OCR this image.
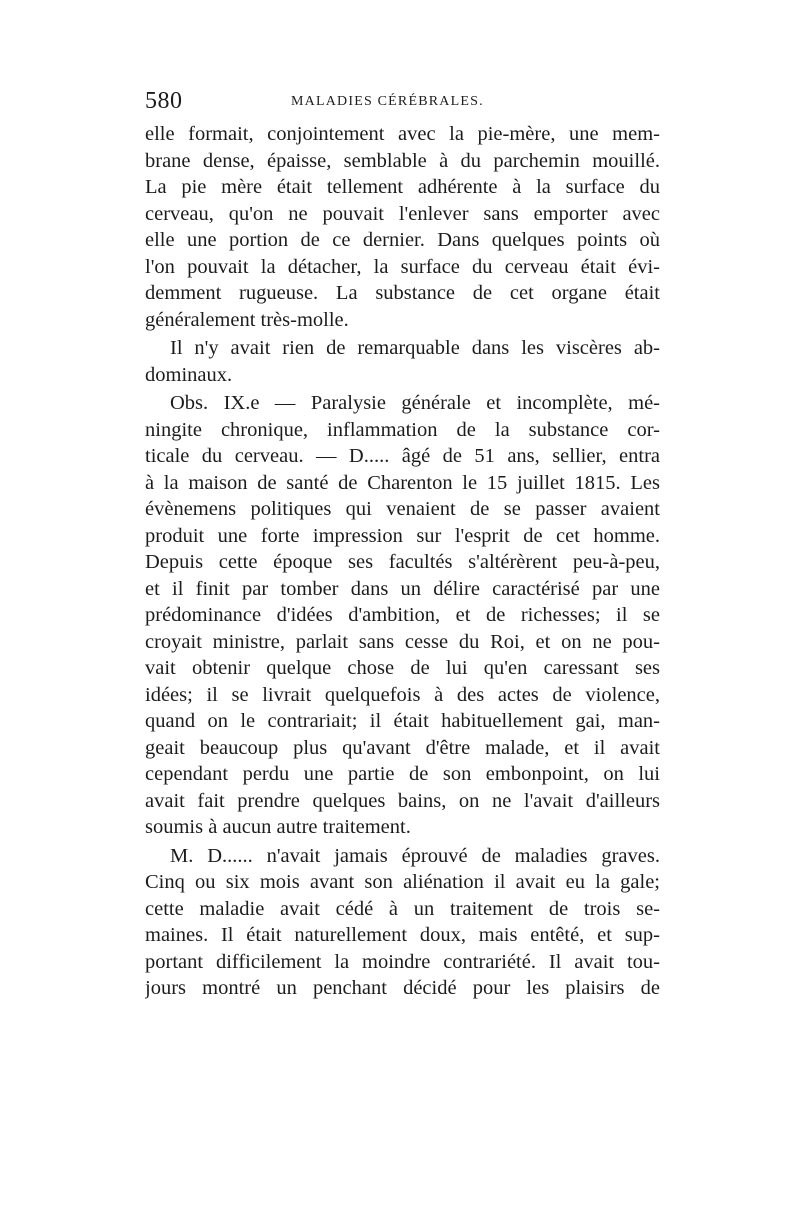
580	MALADIES CÉRÉBRALES.
elle formait, conjointement avec la pie-mère, une mem-
brane dense, épaisse, semblable à du parchemin mouillé.
La pie mère était tellement adhérente à la surface du
cerveau, qu'on ne pouvait l'enlever sans emporter avec
elle une portion de ce dernier. Dans quelques points où
l'on pouvait la détacher, la surface du cerveau était évi-
demment rugueuse. La substance de cet organe était
généralement très-molle.
Il n'y avait rien de remarquable dans les viscères ab-
dominaux.
Obs. IX.e — Paralysie générale et incomplète, mé-
ningite chronique, inflammation de la substance cor-
ticale du cerveau. — D..... âgé de 51 ans, sellier, entra
à la maison de santé de Charenton le 15 juillet 1815. Les
évènemens politiques qui venaient de se passer avaient
produit une forte impression sur l'esprit de cet homme.
Depuis cette époque ses facultés s'altérèrent peu-à-peu,
et il finit par tomber dans un délire caractérisé par une
prédominance d'idées d'ambition, et de richesses; il se
croyait ministre, parlait sans cesse du Roi, et on ne pou-
vait obtenir quelque chose de lui qu'en caressant ses
idées; il se livrait quelquefois à des actes de violence,
quand on le contrariait; il était habituellement gai, man-
geait beaucoup plus qu'avant d'être malade, et il avait
cependant perdu une partie de son embonpoint, on lui
avait fait prendre quelques bains, on ne l'avait d'ailleurs
soumis à aucun autre traitement.
M. D...... n'avait jamais éprouvé de maladies graves.
Cinq ou six mois avant son aliénation il avait eu la gale;
cette maladie avait cédé à un traitement de trois se-
maines. Il était naturellement doux, mais entêté, et sup-
portant difficilement la moindre contrariété. Il avait tou-
jours montré un penchant décidé pour les plaisirs de
